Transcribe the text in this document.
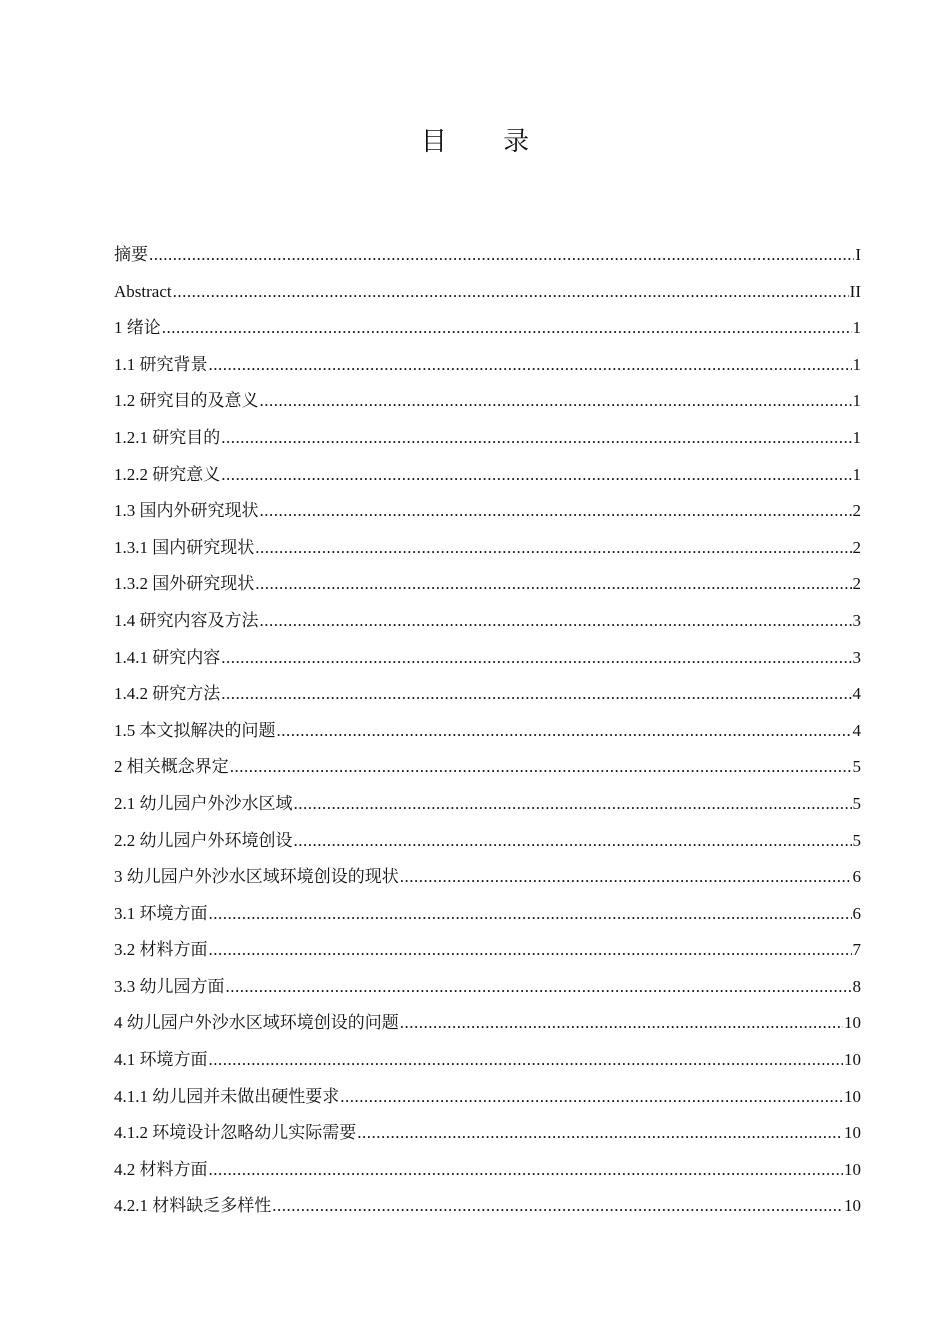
目 录
摘要 .....	I
Abstract .....	II
1 绪论 .....	1
1.1 研究背景 .....	1
1.2 研究目的及意义 .....	1
1.2.1 研究目的 .....	1
1.2.2 研究意义 .....	1
1.3 国内外研究现状 .....	2
1.3.1 国内研究现状 .....	2
1.3.2 国外研究现状 .....	2
1.4 研究内容及方法 .....	3
1.4.1 研究内容 .....	3
1.4.2 研究方法 .....	4
1.5 本文拟解决的问题 .....	4
2 相关概念界定 .....	5
2.1 幼儿园户外沙水区域 .....	5
2.2 幼儿园户外环境创设 .....	5
3 幼儿园户外沙水区域环境创设的现状 .....	6
3.1 环境方面 .....	6
3.2 材料方面 .....	7
3.3 幼儿园方面 .....	8
4 幼儿园户外沙水区域环境创设的问题 .....	10
4.1 环境方面 .....	10
4.1.1 幼儿园并未做出硬性要求 .....	10
4.1.2 环境设计忽略幼儿实际需要 .....	10
4.2 材料方面 .....	10
4.2.1 材料缺乏多样性 .....	10
